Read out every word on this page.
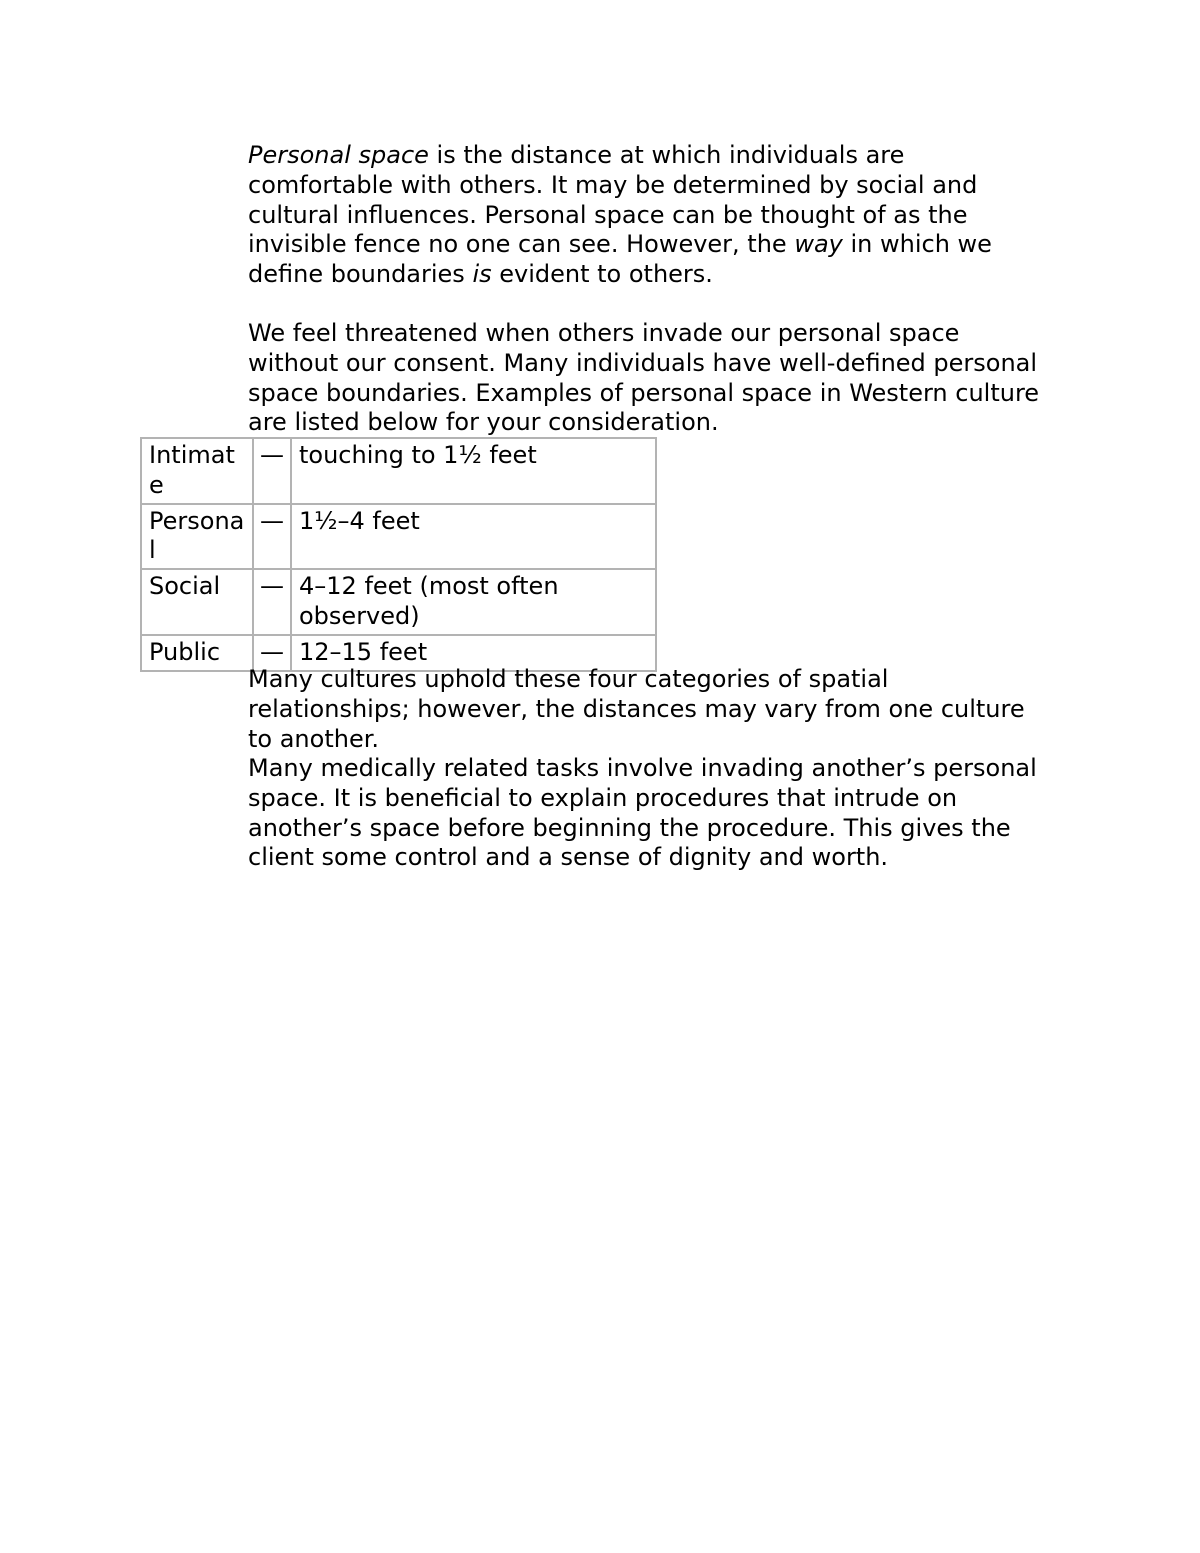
Personal space is the distance at which individuals are comfortable with others. It may be determined by social and cultural influences. Personal space can be thought of as the invisible fence no one can see. However, the way in which we define boundaries is evident to others.

We feel threatened when others invade our personal space without our consent. Many individuals have well-defined personal space boundaries. Examples of personal space in Western culture are listed below for your consideration.

Intimate	—	touching to 1½ feet
Personal	—	1½–4 feet
Social	—	4–12 feet (most often observed)
Public	—	12–15 feet

Many cultures uphold these four categories of spatial relationships; however, the distances may vary from one culture to another.

Many medically related tasks involve invading another’s personal space. It is beneficial to explain procedures that intrude on another’s space before beginning the procedure. This gives the client some control and a sense of dignity and worth.
